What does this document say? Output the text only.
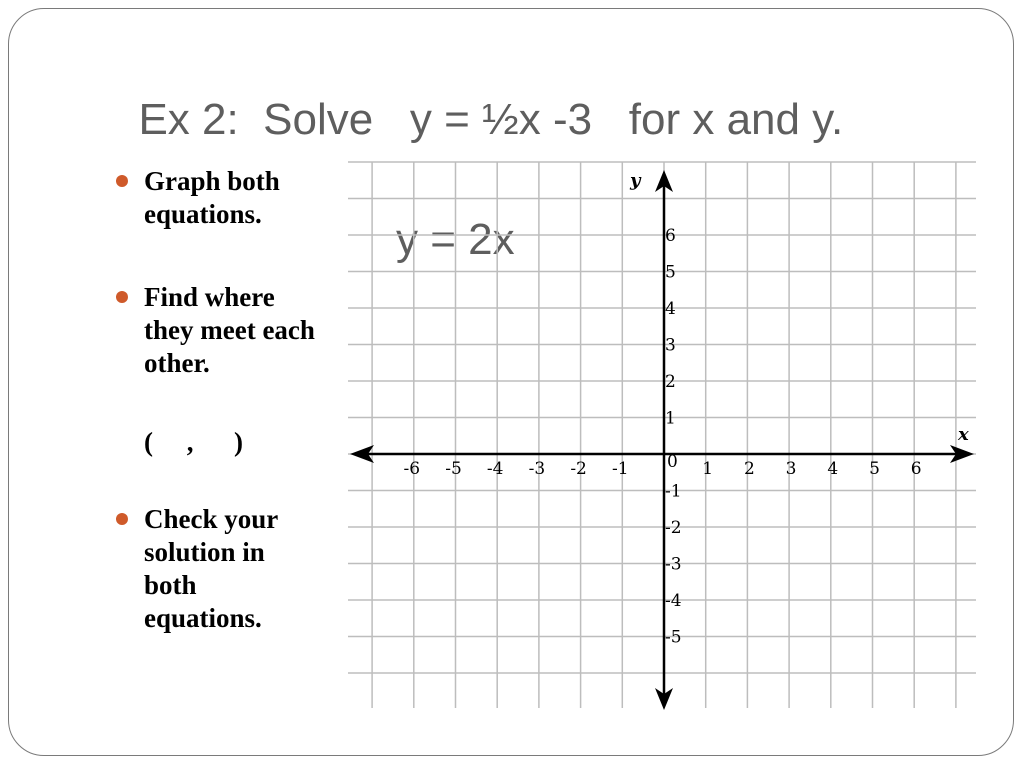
Ex 2:  Solve   y = ½x -3   for x and y.

y = 2x

Graph both equations.
Find where they meet each other.
(     ,      )
Check your solution in both equations.
-6 -5 -4 -3 -2 -1	1 2 3 4 5 6
6
5
4
3
2
1
-1
-2
-3
-4
-5
0
x
y
